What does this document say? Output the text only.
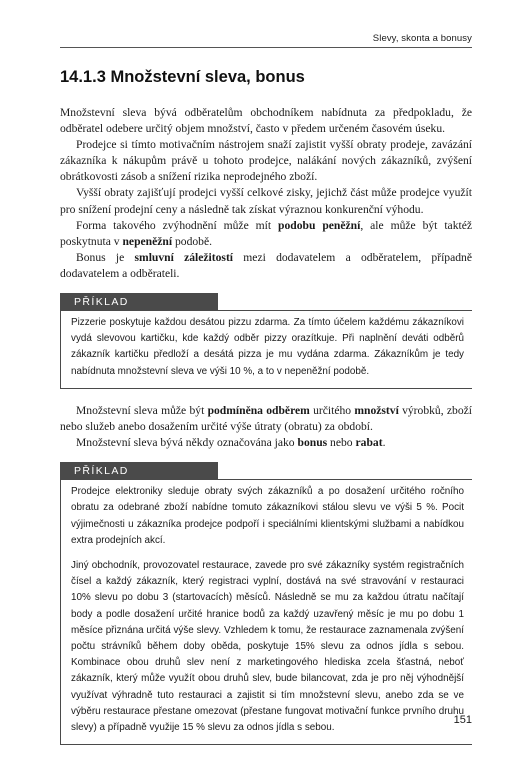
Slevy, skonta a bonusy
14.1.3 Množstevní sleva, bonus

Množstevní sleva bývá odběratelům obchodníkem nabídnuta za předpokladu, že odběratel odebere určitý objem množství, často v předem určeném časovém úseku.

Prodejce si tímto motivačním nástrojem snaží zajistit vyšší obraty prodeje, zavázání zákazníka k nákupům právě u tohoto prodejce, nalákání nových zákazníků, zvýšení obrátkovosti zásob a snížení rizika neprodejného zboží.

Vyšší obraty zajišťují prodejci vyšší celkové zisky, jejichž část může prodejce využít pro snížení prodejní ceny a následně tak získat výraznou konkurenční výhodu.

Forma takového zvýhodnění může mít podobu peněžní, ale může být taktéž poskytnuta v nepeněžní podobě.

Bonus je smluvní záležitostí mezi dodavatelem a odběratelem, případně dodavatelem a odběrateli.

PŘÍKLAD

Pizzerie poskytuje každou desátou pizzu zdarma. Za tímto účelem každému zákazníkovi vydá slevovou kartičku, kde každý odběr pizzy orazítkuje. Při naplnění deváti odběrů zákazník kartičku předloží a desátá pizza je mu vydána zdarma. Zákazníkům je tedy nabídnuta množstevní sleva ve výši 10 %, a to v nepeněžní podobě.

Množstevní sleva může být podmíněna odběrem určitého množství výrobků, zboží nebo služeb anebo dosažením určité výše útraty (obratu) za období.

Množstevní sleva bývá někdy označována jako bonus nebo rabat.

PŘÍKLAD

Prodejce elektroniky sleduje obraty svých zákazníků a po dosažení určitého ročního obratu za odebrané zboží nabídne tomuto zákazníkovi stálou slevu ve výši 5 %. Pocit výjimečnosti u zákazníka prodejce podpoří i speciálními klientskými službami a nabídkou extra prodejních akcí.

Jiný obchodník, provozovatel restaurace, zavede pro své zákazníky systém registračních čísel a každý zákazník, který registraci vyplní, dostává na své stravování v restauraci 10% slevu po dobu 3 (startovacích) měsíců. Následně se mu za každou útratu načítají body a podle dosažení určité hranice bodů za každý uzavřený měsíc je mu po dobu 1 měsíce přiznána určitá výše slevy. Vzhledem k tomu, že restaurace zaznamenala zvýšení počtu strávníků během doby oběda, poskytuje 15% slevu za odnos jídla s sebou. Kombinace obou druhů slev není z marketingového hlediska zcela šťastná, neboť zákazník, který může využít obou druhů slev, bude bilancovat, zda je pro něj výhodnější využívat výhradně tuto restauraci a zajistit si tím množstevní slevu, anebo zda se ve výběru restaurace přestane omezovat (přestane fungovat motivační funkce prvního druhu slevy) a případně využije 15 % slevu za odnos jídla s sebou.

151
